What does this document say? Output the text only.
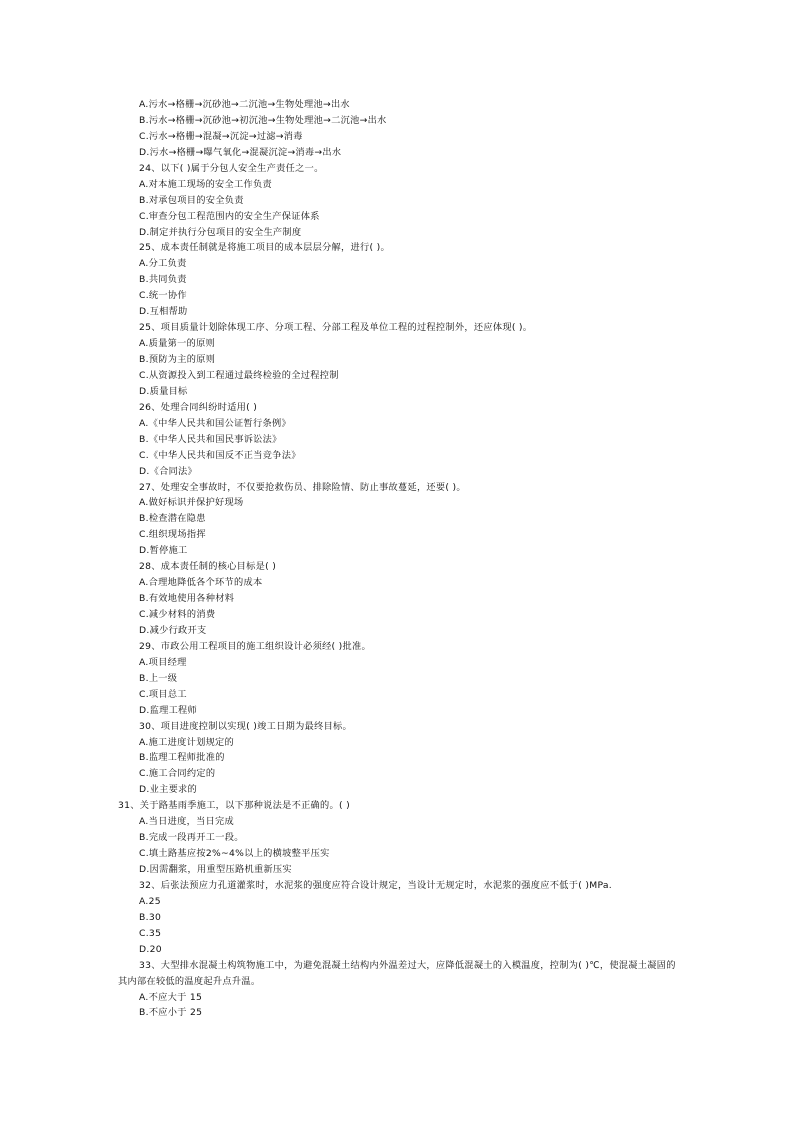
A.污水→格栅→沉砂池→二沉池→生物处理池→出水
B.污水→格栅→沉砂池→初沉池→生物处理池→二沉池→出水
C.污水→格栅→混凝→沉淀→过滤→消毒
D.污水→格栅→曝气氧化→混凝沉淀→消毒→出水
24、以下( )属于分包人安全生产责任之一。
A.对本施工现场的安全工作负责
B.对承包项目的安全负责
C.审查分包工程范围内的安全生产保证体系
D.制定并执行分包项目的安全生产制度
25、成本责任制就是将施工项目的成本层层分解，进行( )。
A.分工负责
B.共同负责
C.统一协作
D.互相帮助
25、项目质量计划除体现工序、分项工程、分部工程及单位工程的过程控制外，还应体现( )。
A.质量第一的原则
B.预防为主的原则
C.从资源投入到工程通过最终检验的全过程控制
D.质量目标
26、处理合同纠纷时适用( )
A.《中华人民共和国公证暂行条例》
B.《中华人民共和国民事诉讼法》
C.《中华人民共和国反不正当竞争法》
D.《合同法》
27、处理安全事故时，不仅要抢救伤员、排除险情、防止事故蔓延，还要( )。
A.做好标识并保护好现场
B.检查潜在隐患
C.组织现场指挥
D.暂停施工
28、成本责任制的核心目标是( )
A.合理地降低各个环节的成本
B.有效地使用各种材料
C.减少材料的消费
D.减少行政开支
29、市政公用工程项目的施工组织设计必须经( )批准。
A.项目经理
B.上一级
C.项目总工
D.监理工程师
30、项目进度控制以实现( )竣工日期为最终目标。
A.施工进度计划规定的
B.监理工程师批准的
C.施工合同约定的
D.业主要求的
31、关于路基雨季施工，以下那种说法是不正确的。( )
A.当日进度，当日完成
B.完成一段再开工一段。
C.填土路基应按2%~4%以上的横坡整平压实
D.因需翻浆，用重型压路机重新压实
32、后张法预应力孔道灌浆时，水泥浆的强度应符合设计规定，当设计无规定时，水泥浆的强度应不低于( )MPa.
A.25
B.30
C.35
D.20
33、大型排水混凝土构筑物施工中，为避免混凝土结构内外温差过大，应降低混凝土的入模温度，控制为( )℃，使混凝土凝固的其内部在较低的温度起升点升温。
A.不应大于 15
B.不应小于 25
